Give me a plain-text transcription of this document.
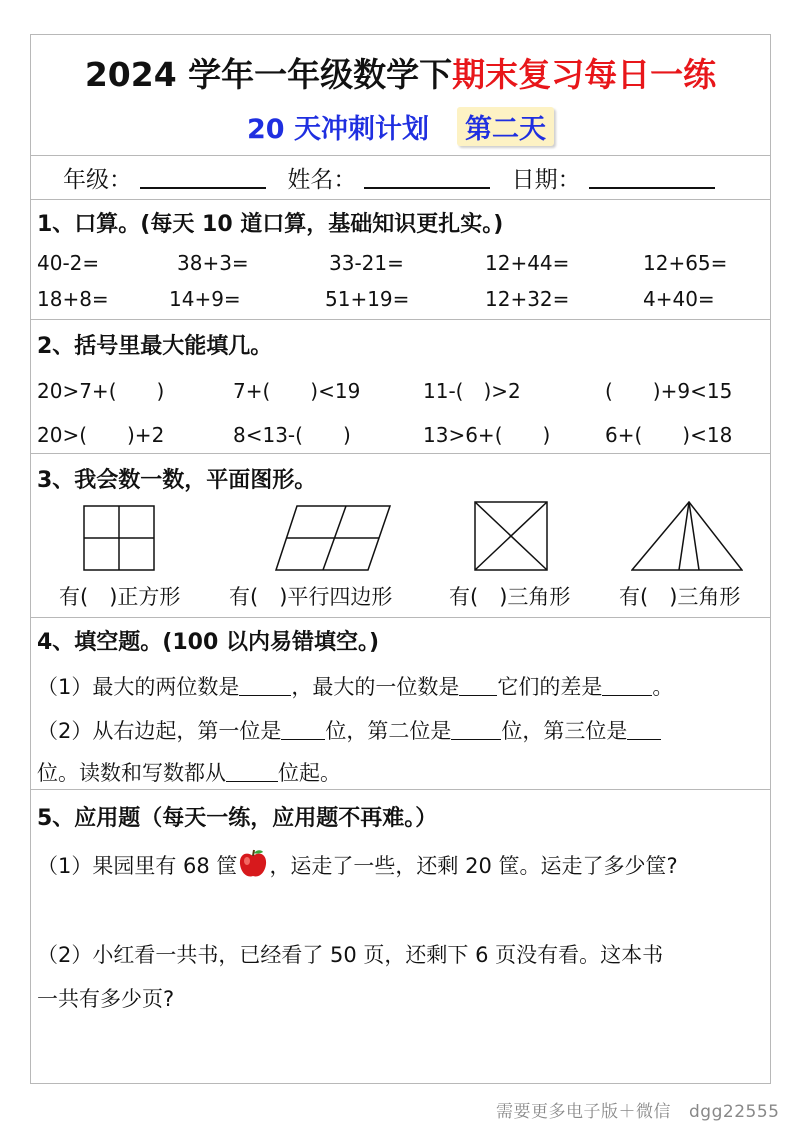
2024 学年一年级数学下期末复习每日一练
20 天冲刺计划 第二天
年级：	姓名：	日期：
1、口算。(每天 10 道口算，基础知识更扎实。)
40-2=	38+3=	33-21=	12+44=	12+65=
18+8=	14+9=	51+19=	12+32=	4+40=
2、括号里最大能填几。
20>7+(　　)	7+(　　)<19	11-(　)>2	(　　)+9<15
20>(　　)+2	8<13-(　　)	13>6+(　　)	6+(　　)<18
3、我会数一数，平面图形。
有(　)正方形 有(　)平行四边形	有(　)三角形 有(　)三角形
4、填空题。(100 以内易错填空。)
（1）最大的两位数是 ，最大的一位数是 它们的差是 。
（2）从右边起，第一位是 位，第二位是 位，第三位是
位。读数和写数都从 位起。
5、应用题（每天一练，应用题不再难。）
（1）果园里有 68 筐 ，运走了一些，还剩 20 筐。运走了多少筐?
（2）小红看一共书，已经看了 50 页，还剩下 6 页没有看。这本书
一共有多少页?
需要更多电子版＋微信 dgg22555
